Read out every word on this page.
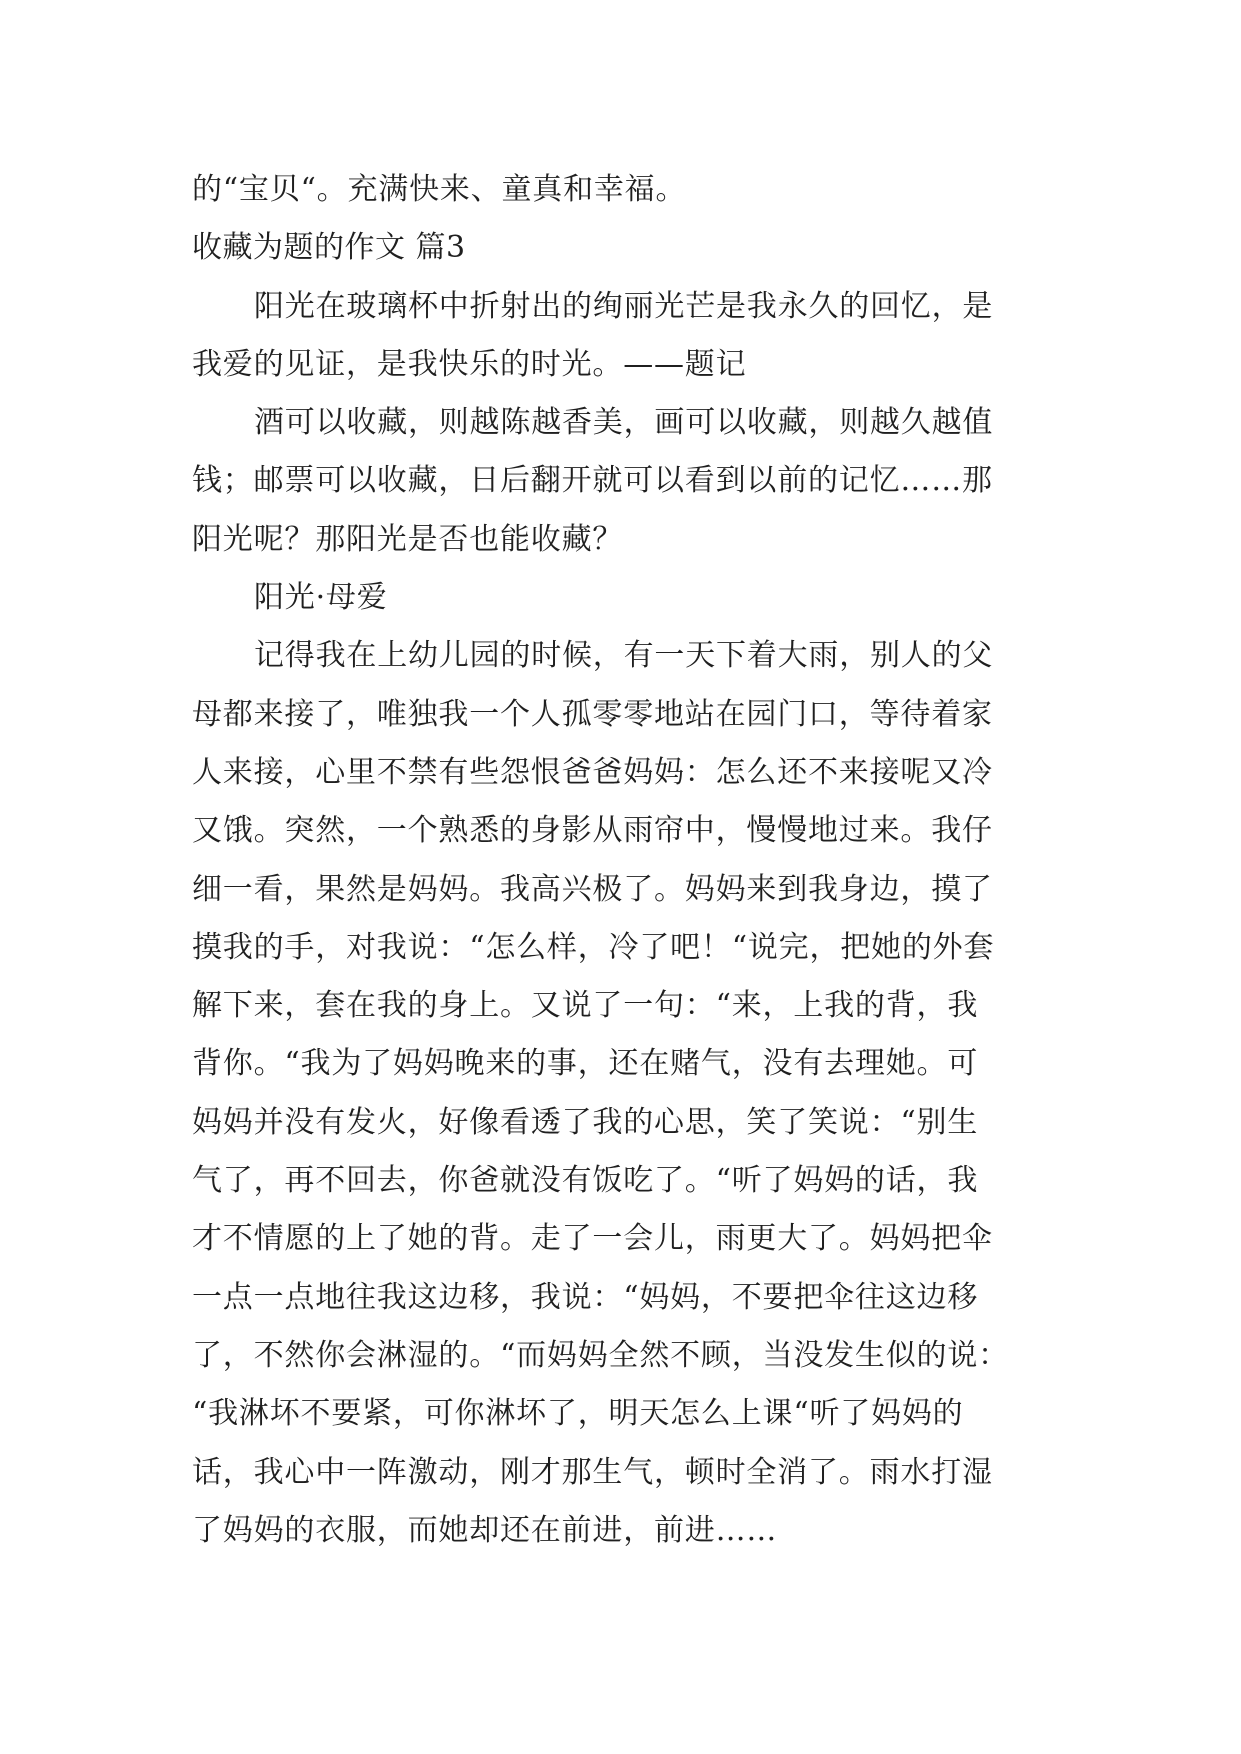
的“宝贝“。充满快来、童真和幸福。
收藏为题的作文 篇3
阳光在玻璃杯中折射出的绚丽光芒是我永久的回忆，是
我爱的见证，是我快乐的时光。——题记
酒可以收藏，则越陈越香美，画可以收藏，则越久越值
钱；邮票可以收藏，日后翻开就可以看到以前的记忆……那
阳光呢？那阳光是否也能收藏？
阳光·母爱
记得我在上幼儿园的时候，有一天下着大雨，别人的父
母都来接了，唯独我一个人孤零零地站在园门口，等待着家
人来接，心里不禁有些怨恨爸爸妈妈：怎么还不来接呢又冷
又饿。突然，一个熟悉的身影从雨帘中，慢慢地过来。我仔
细一看，果然是妈妈。我高兴极了。妈妈来到我身边，摸了
摸我的手，对我说：“怎么样，冷了吧！“说完，把她的外套
解下来，套在我的身上。又说了一句：“来，上我的背，我
背你。“我为了妈妈晚来的事，还在赌气，没有去理她。可
妈妈并没有发火，好像看透了我的心思，笑了笑说：“别生
气了，再不回去，你爸就没有饭吃了。“听了妈妈的话，我
才不情愿的上了她的背。走了一会儿，雨更大了。妈妈把伞
一点一点地往我这边移，我说：“妈妈，不要把伞往这边移
了，不然你会淋湿的。“而妈妈全然不顾，当没发生似的说：
“我淋坏不要紧，可你淋坏了，明天怎么上课“听了妈妈的
话，我心中一阵激动，刚才那生气，顿时全消了。雨水打湿
了妈妈的衣服，而她却还在前进，前进……
